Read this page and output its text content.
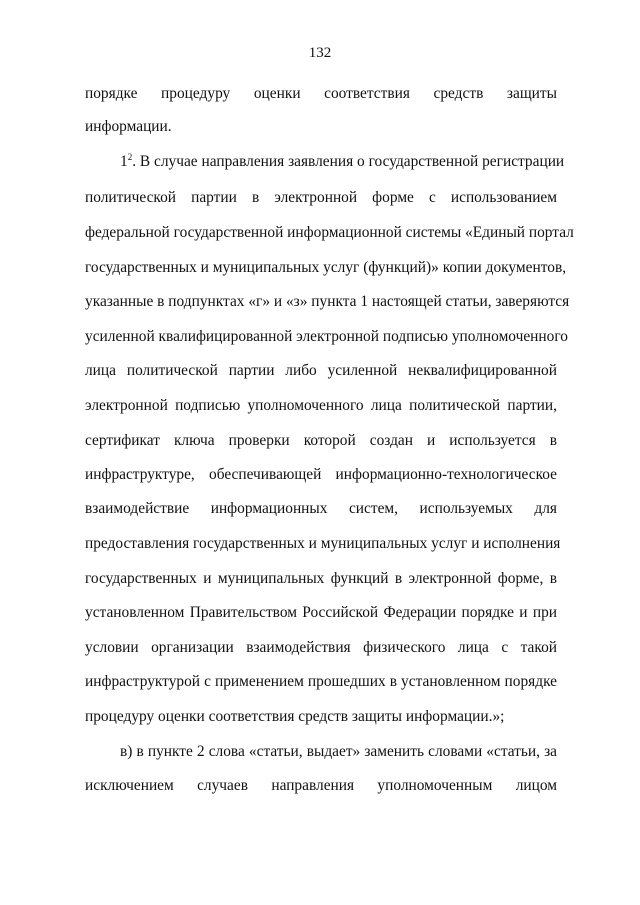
132
порядке процедуру оценки соответствия средств защиты
информации.
$1^2$. В случае направления заявления о государственной регистрации
политической партии в электронной форме с использованием
федеральной государственной информационной системы «Единый портал
государственных и муниципальных услуг (функций)» копии документов,
указанные в подпунктах «г» и «з» пункта 1 настоящей статьи, заверяются
усиленной квалифицированной электронной подписью уполномоченного
лица политической партии либо усиленной неквалифицированной
электронной подписью уполномоченного лица политической партии,
сертификат ключа проверки которой создан и используется в
инфраструктуре, обеспечивающей информационно-технологическое
взаимодействие информационных систем, используемых для
предоставления государственных и муниципальных услуг и исполнения
государственных и муниципальных функций в электронной форме, в
установленном Правительством Российской Федерации порядке и при
условии организации взаимодействия физического лица с такой
инфраструктурой с применением прошедших в установленном порядке
процедуру оценки соответствия средств защиты информации.»;
в) в пункте 2 слова «статьи, выдает» заменить словами «статьи, за
исключением случаев направления уполномоченным лицом
